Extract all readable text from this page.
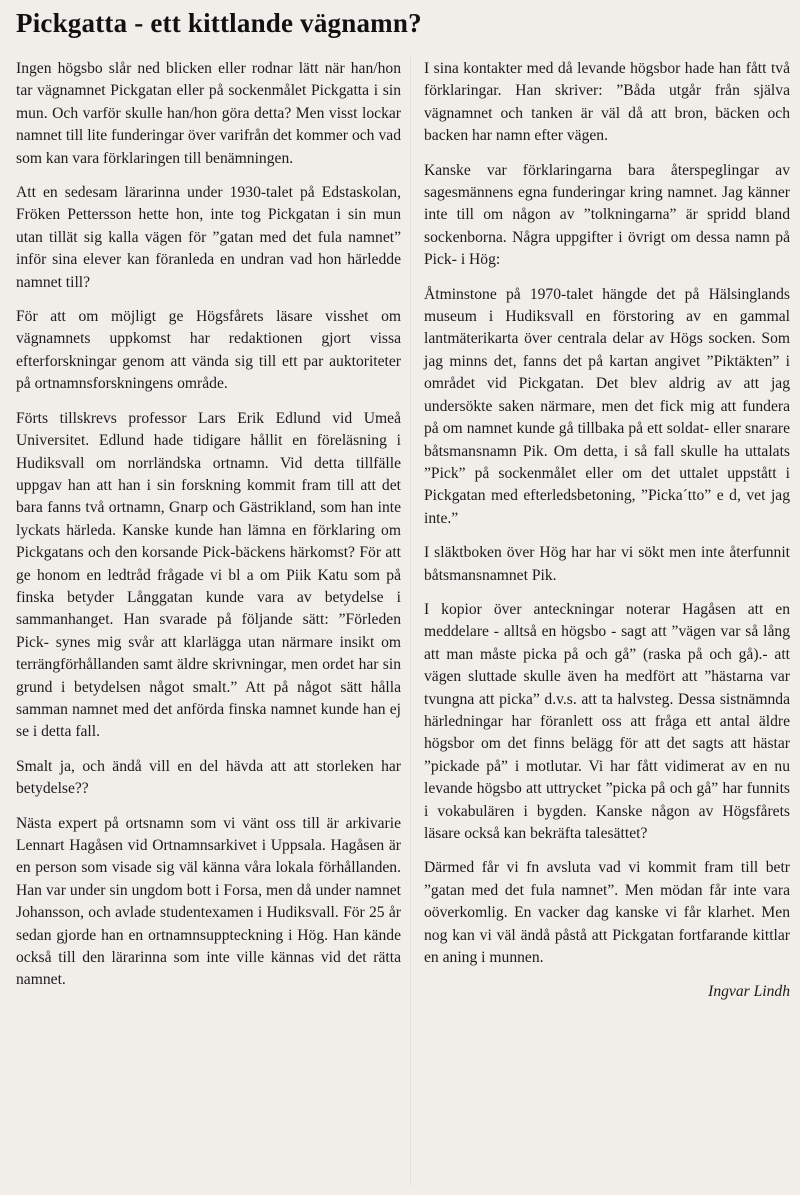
Pickgatta - ett kittlande vägnamn?

Ingen högsbo slår ned blicken eller rodnar lätt när han/hon tar vägnamnet Pickgatan eller på sockenmålet Pickgatta i sin mun. Och varför skulle han/hon göra detta? Men visst lockar namnet till lite funderingar över varifrån det kommer och vad som kan vara förklaringen till benämningen.

Att en sedesam lärarinna under 1930-talet på Edstaskolan, Fröken Pettersson hette hon, inte tog Pickgatan i sin mun utan tillät sig kalla vägen för ”gatan med det fula namnet” inför sina elever kan föranleda en undran vad hon härledde namnet till?

För att om möjligt ge Högsfårets läsare visshet om vägnamnets uppkomst har redaktionen gjort vissa efterforskningar genom att vända sig till ett par auktoriteter på ortnamnsforskningens område.

Förts tillskrevs professor Lars Erik Edlund vid Umeå Universitet. Edlund hade tidigare hållit en föreläsning i Hudiksvall om norrländska ortnamn. Vid detta tillfälle uppgav han att han i sin forskning kommit fram till att det bara fanns två ortnamn, Gnarp och Gästrikland, som han inte lyckats härleda. Kanske kunde han lämna en förklaring om Pickgatans och den korsande Pick-bäckens härkomst? För att ge honom en ledtråd frågade vi bl a om Piik Katu som på finska betyder Långgatan kunde vara av betydelse i sammanhanget. Han svarade på följande sätt: ”Förleden Pick- synes mig svår att klarlägga utan närmare insikt om terrängförhållanden samt äldre skrivningar, men ordet har sin grund i betydelsen något smalt.” Att på något sätt hålla samman namnet med det anförda finska namnet kunde han ej se i detta fall.

Smalt ja, och ändå vill en del hävda att att storleken har betydelse??

Nästa expert på ortsnamn som vi vänt oss till är arkivarie Lennart Hagåsen vid Ortnamnsarkivet i Uppsala. Hagåsen är en person som visade sig väl känna våra lokala förhållanden. Han var under sin ungdom bott i Forsa, men då under namnet Johansson, och avlade studentexamen i Hudiksvall. För 25 år sedan gjorde han en ortnamnsuppteckning i Hög. Han kände också till den lärarinna som inte ville kännas vid det rätta namnet.

I sina kontakter med då levande högsbor hade han fått två förklaringar. Han skriver: ”Båda utgår från själva vägnamnet och tanken är väl då att bron, bäcken och backen har namn efter vägen.

Kanske var förklaringarna bara återspeglingar av sagesmännens egna funderingar kring namnet. Jag känner inte till om någon av ”tolkningarna” är spridd bland sockenborna. Några uppgifter i övrigt om dessa namn på Pick- i Hög:

Åtminstone på 1970-talet hängde det på Hälsinglands museum i Hudiksvall en förstoring av en gammal lantmäterikarta över centrala delar av Högs socken. Som jag minns det, fanns det på kartan angivet ”Piktäkten” i området vid Pickgatan. Det blev aldrig av att jag undersökte saken närmare, men det fick mig att fundera på om namnet kunde gå tillbaka på ett soldat- eller snarare båtsmansnamn Pik. Om detta, i så fall skulle ha uttalats ”Pick” på sockenmålet eller om det uttalet uppstått i Pickgatan med efterledsbetoning, ”Picka´tto” e d, vet jag inte.”

I släktboken över Hög har har vi sökt men inte återfunnit båtsmansnamnet Pik.

I kopior över anteckningar noterar Hagåsen att en meddelare - alltså en högsbo - sagt att ”vägen var så lång att man måste picka på och gå” (raska på och gå).- att vägen sluttade skulle även ha medfört att ”hästarna var tvungna att picka” d.v.s. att ta halvsteg. Dessa sistnämnda härledningar har föranlett oss att fråga ett antal äldre högsbor om det finns belägg för att det sagts att hästar ”pickade på” i motlutar. Vi har fått vidimerat av en nu levande högsbo att uttrycket ”picka på och gå” har funnits i vokabulären i bygden. Kanske någon av Högsfårets läsare också kan bekräfta talesättet?

Därmed får vi fn avsluta vad vi kommit fram till betr ”gatan med det fula namnet”. Men mödan får inte vara oöverkomlig. En vacker dag kanske vi får klarhet. Men nog kan vi väl ändå påstå att Pickgatan fortfarande kittlar en aning i munnen.

Ingvar Lindh
